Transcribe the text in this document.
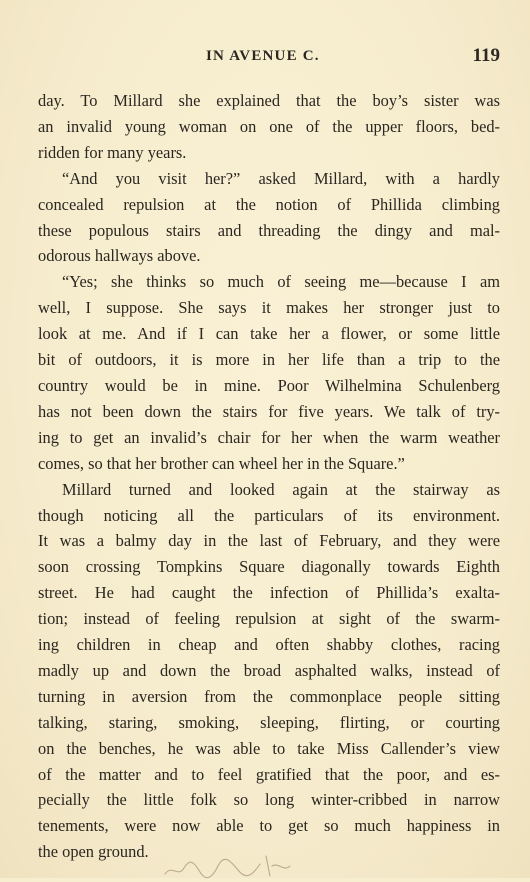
IN AVENUE C.	119
day. To Millard she explained that the boy’s sister was
an invalid young woman on one of the upper floors, bed-
ridden for many years.
“And you visit her?” asked Millard, with a hardly
concealed repulsion at the notion of Phillida climbing
these populous stairs and threading the dingy and mal-
odorous hallways above.
“Yes; she thinks so much of seeing me—because I am
well, I suppose. She says it makes her stronger just to
look at me. And if I can take her a flower, or some little
bit of outdoors, it is more in her life than a trip to the
country would be in mine. Poor Wilhelmina Schulenberg
has not been down the stairs for five years. We talk of try-
ing to get an invalid’s chair for her when the warm weather
comes, so that her brother can wheel her in the Square.”
Millard turned and looked again at the stairway as
though noticing all the particulars of its environment.
It was a balmy day in the last of February, and they were
soon crossing Tompkins Square diagonally towards Eighth
street. He had caught the infection of Phillida’s exalta-
tion; instead of feeling repulsion at sight of the swarm-
ing children in cheap and often shabby clothes, racing
madly up and down the broad asphalted walks, instead of
turning in aversion from the commonplace people sitting
talking, staring, smoking, sleeping, flirting, or courting
on the benches, he was able to take Miss Callender’s view
of the matter and to feel gratified that the poor, and es-
pecially the little folk so long winter-cribbed in narrow
tenements, were now able to get so much happiness in
the open ground.
